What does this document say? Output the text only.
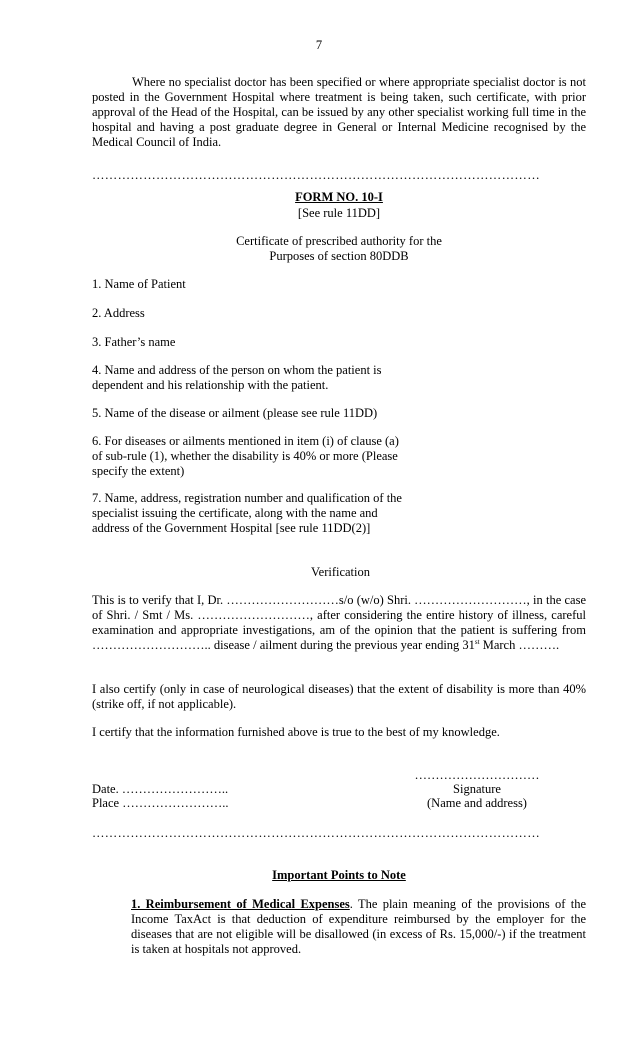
7

Where no specialist doctor has been specified or where appropriate specialist doctor is not posted in the Government Hospital where treatment is being taken, such certificate, with prior approval of the Head of the Hospital, can be issued by any other specialist working full time in the hospital and having a post graduate degree in General or Internal Medicine recognised by the Medical Council of India.

……………………………………………………………………………………………
FORM NO. 10-I
[See rule 11DD]
Certificate of prescribed authority for the
Purposes of section 80DDB
1. Name of Patient
2. Address
3. Father’s name
4. Name and address of the person on whom the patient is dependent and his relationship with the patient.
5. Name of the disease or ailment (please see rule 11DD)
6. For diseases or ailments mentioned in item (i) of clause (a) of sub-rule (1), whether the disability is 40% or more (Please specify the extent)
7. Name, address, registration number and qualification of the specialist issuing the certificate, along with the name and address of the Government Hospital [see rule 11DD(2)]
Verification

This is to verify that I, Dr. ………………………s/o (w/o) Shri. ………………………, in the case of Shri. / Smt / Ms. ………………………, after considering the entire history of illness, careful examination and appropriate investigations, am of the opinion that the patient is suffering from ……………………….. disease / ailment during the previous year ending 31st March ……….

I also certify (only in case of neurological diseases) that the extent of disability is more than 40% (strike off, if not applicable).

I certify that the information furnished above is true to the best of my knowledge.

…………………………
Date. ……………………..	Signature
Place ……………………..	(Name and address)
……………………………………………………………………………………………
Important Points to Note

1. Reimbursement of Medical Expenses. The plain meaning of the provisions of the Income TaxAct is that deduction of expenditure reimbursed by the employer for the diseases that are not eligible will be disallowed (in excess of Rs. 15,000/-) if the treatment is taken at hospitals not approved.
